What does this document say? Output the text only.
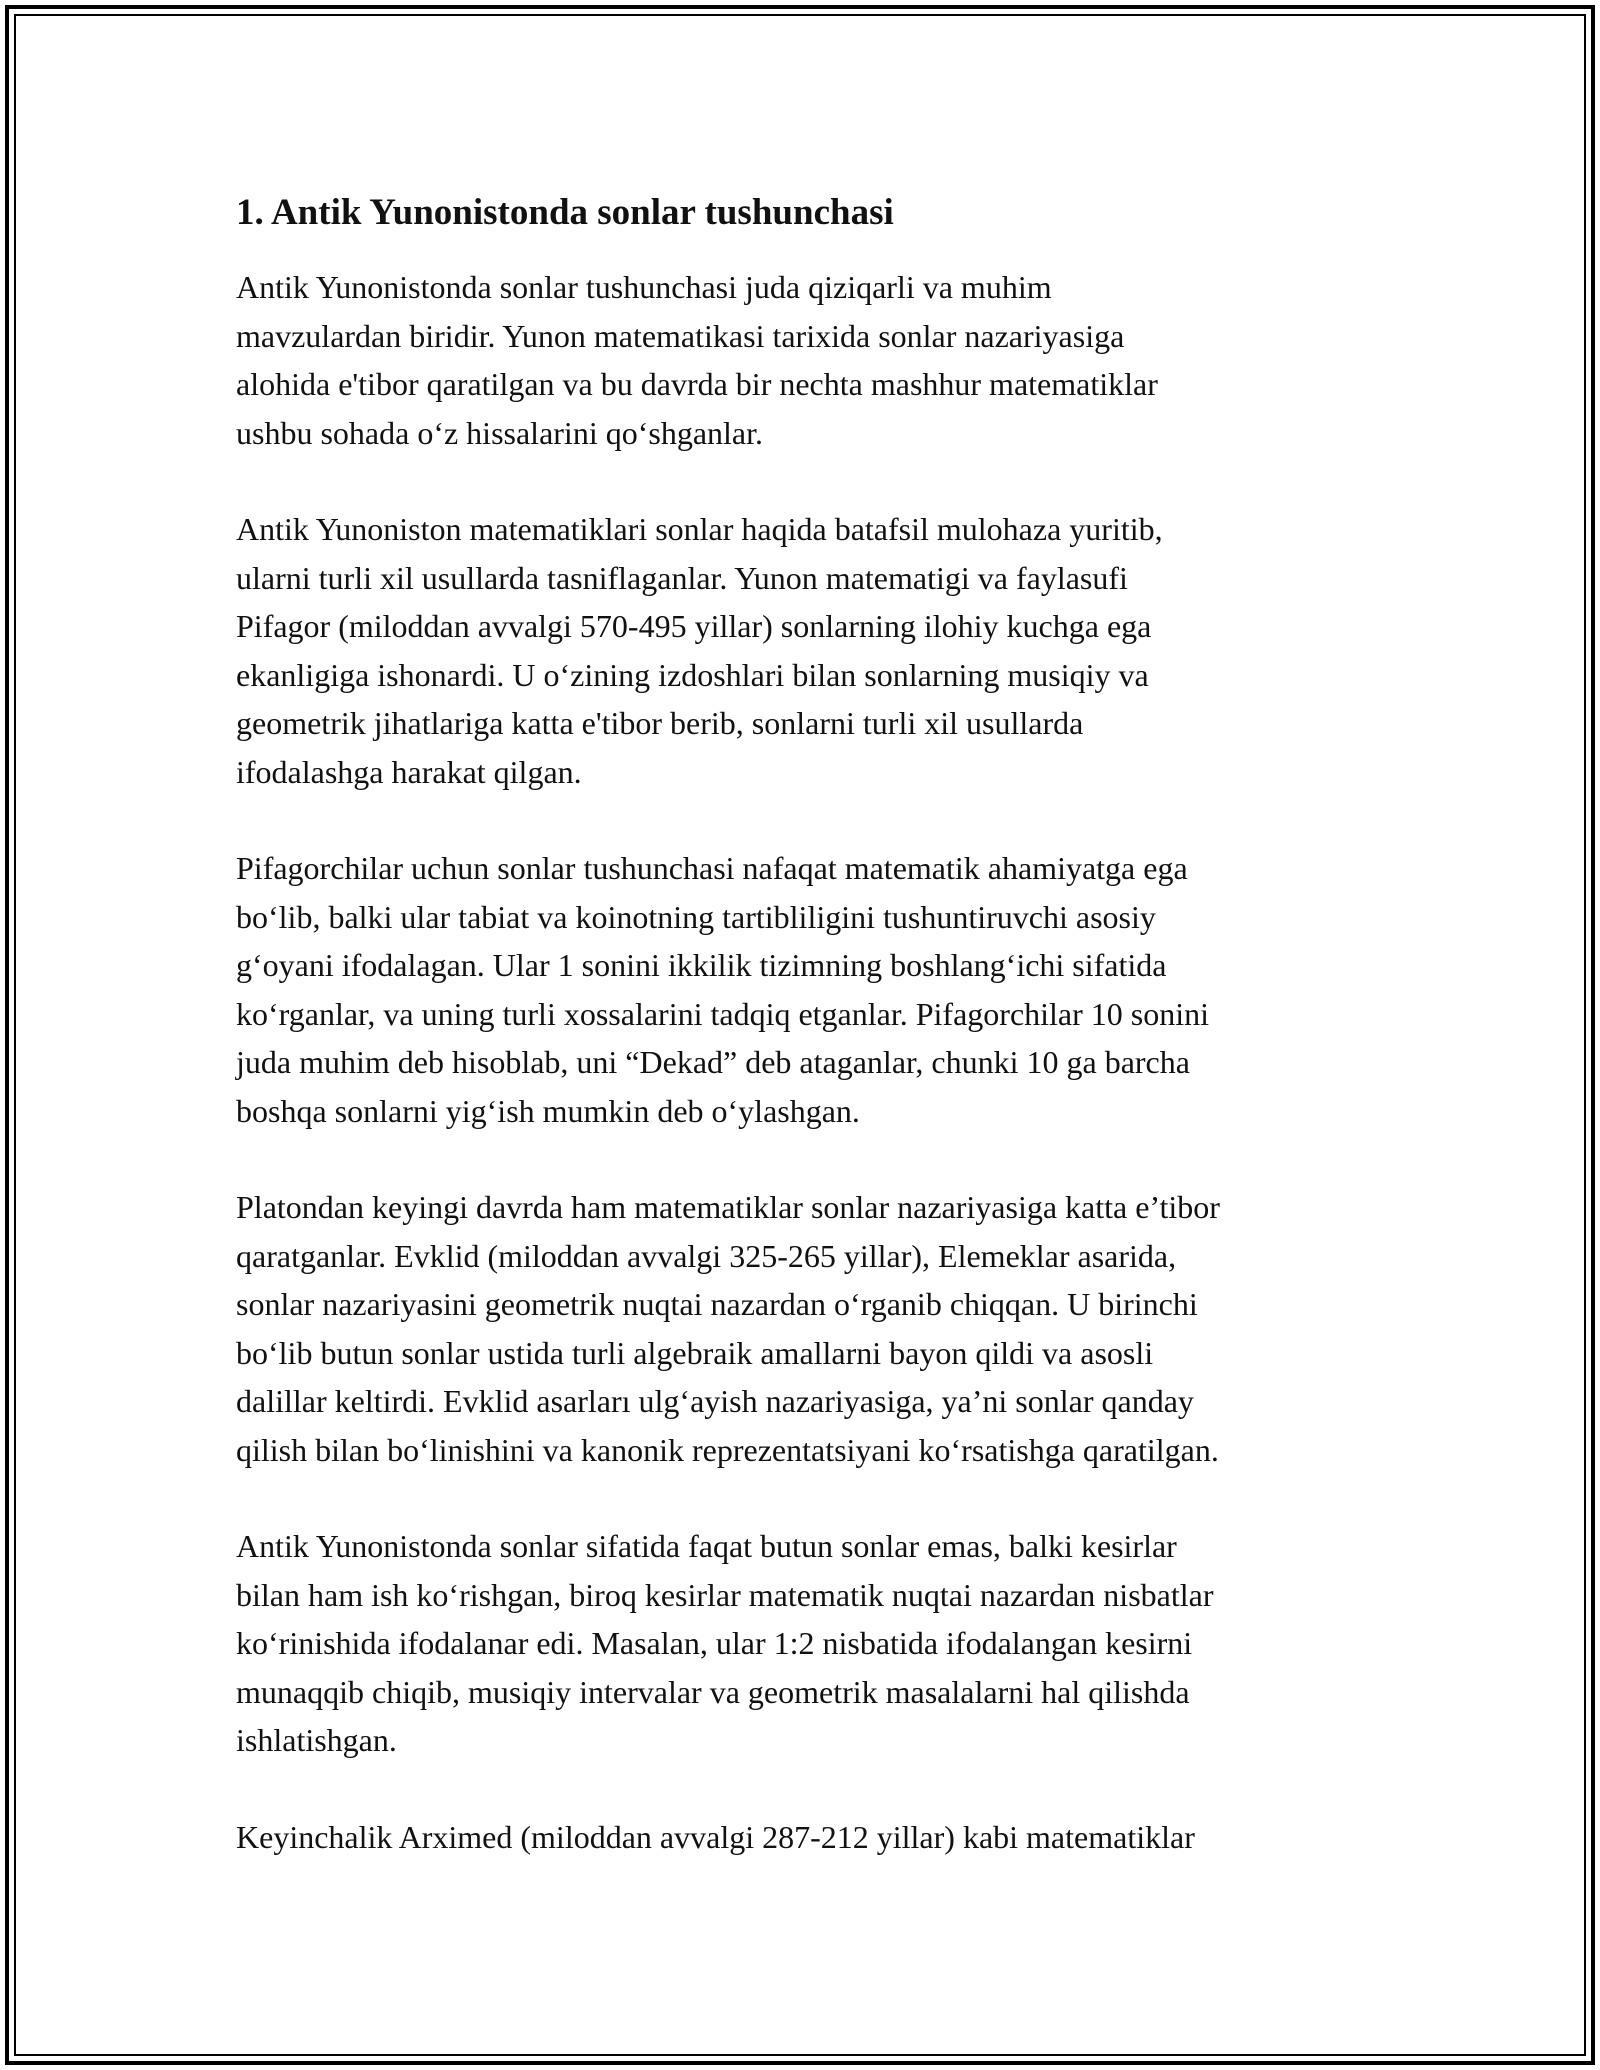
1. Antik Yunonistonda sonlar tushunchasi

Antik Yunonistonda sonlar tushunchasi juda qiziqarli va muhim
mavzulardan biridir. Yunon matematikasi tarixida sonlar nazariyasiga
alohida e'tibor qaratilgan va bu davrda bir nechta mashhur matematiklar
ushbu sohada o‘z hissalarini qo‘shganlar.

Antik Yunoniston matematiklari sonlar haqida batafsil mulohaza yuritib,
ularni turli xil usullarda tasniflaganlar. Yunon matematigi va faylasufi
Pifagor (miloddan avvalgi 570-495 yillar) sonlarning ilohiy kuchga ega
ekanligiga ishonardi. U o‘zining izdoshlari bilan sonlarning musiqiy va
geometrik jihatlariga katta e'tibor berib, sonlarni turli xil usullarda
ifodalashga harakat qilgan.

Pifagorchilar uchun sonlar tushunchasi nafaqat matematik ahamiyatga ega
bo‘lib, balki ular tabiat va koinotning tartibliligini tushuntiruvchi asosiy
g‘oyani ifodalagan. Ular 1 sonini ikkilik tizimning boshlang‘ichi sifatida
ko‘rganlar, va uning turli xossalarini tadqiq etganlar. Pifagorchilar 10 sonini
juda muhim deb hisoblab, uni “Dekad” deb ataganlar, chunki 10 ga barcha
boshqa sonlarni yig‘ish mumkin deb o‘ylashgan.

Platondan keyingi davrda ham matematiklar sonlar nazariyasiga katta e’tibor
qaratganlar. Evklid (miloddan avvalgi 325-265 yillar), Elemeklar asarida,
sonlar nazariyasini geometrik nuqtai nazardan o‘rganib chiqqan. U birinchi
bo‘lib butun sonlar ustida turli algebraik amallarni bayon qildi va asosli
dalillar keltirdi. Evklid asarları ulg‘ayish nazariyasiga, ya’ni sonlar qanday
qilish bilan bo‘linishini va kanonik reprezentatsiyani ko‘rsatishga qaratilgan.

Antik Yunonistonda sonlar sifatida faqat butun sonlar emas, balki kesirlar
bilan ham ish ko‘rishgan, biroq kesirlar matematik nuqtai nazardan nisbatlar
ko‘rinishida ifodalanar edi. Masalan, ular 1:2 nisbatida ifodalangan kesirni
munaqqib chiqib, musiqiy intervalar va geometrik masalalarni hal qilishda
ishlatishgan.

Keyinchalik Arximed (miloddan avvalgi 287-212 yillar) kabi matematiklar
